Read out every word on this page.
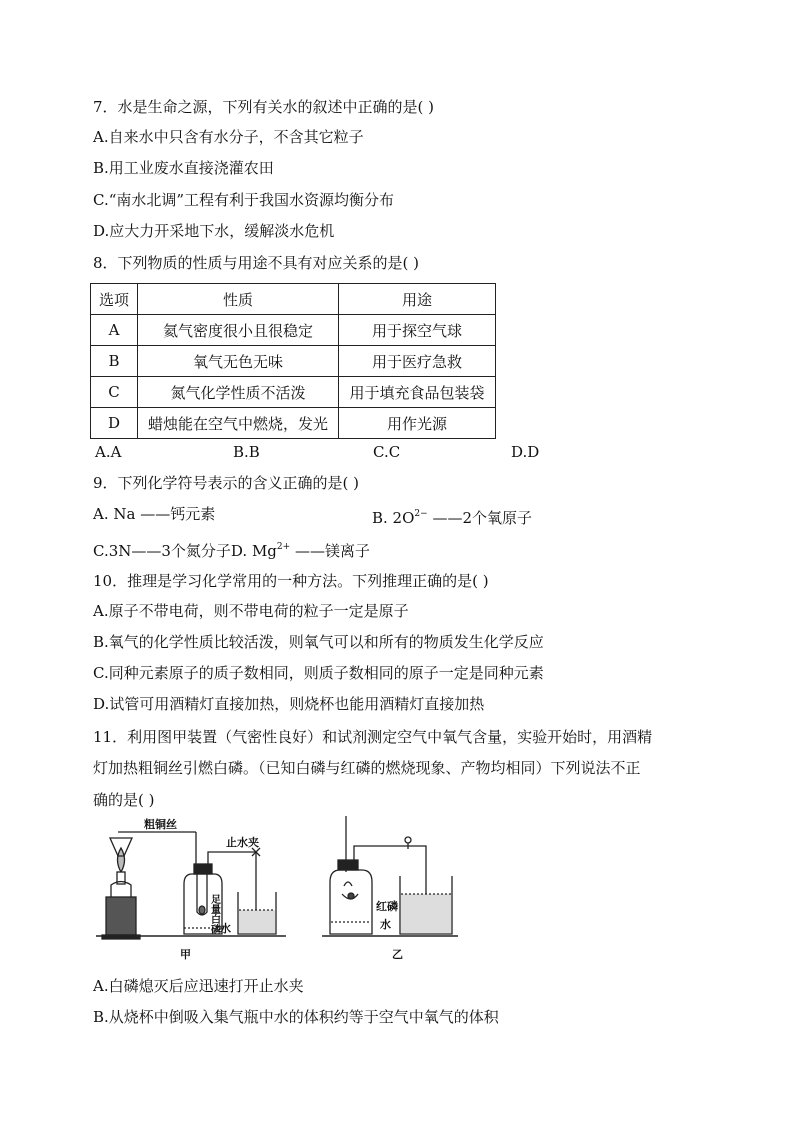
7．水是生命之源，下列有关水的叙述中正确的是( )
A.自来水中只含有水分子，不含其它粒子
B.用工业废水直接浇灌农田
C.“南水北调”工程有利于我国水资源均衡分布
D.应大力开采地下水，缓解淡水危机
8．下列物质的性质与用途不具有对应关系的是( )
选项	性质	用途
A	氦气密度很小且很稳定	用于探空气球
B	氧气无色无味	用于医疗急救
C	氮气化学性质不活泼	用于填充食品包装袋
D	蜡烛能在空气中燃烧，发光	用作光源
A.A	B.B	C.C	D.D
9．下列化学符号表示的含义正确的是( )
A. Na ——钙元素	B. $2O^{2-}$ ——2个氧原子
C.3N——3个氮分子D. $Mg^{2+}$ ——镁离子
10．推理是学习化学常用的一种方法。下列推理正确的是( )
A.原子不带电荷，则不带电荷的粒子一定是原子
B.氧气的化学性质比较活泼，则氧气可以和所有的物质发生化学反应
C.同种元素原子的质子数相同，则质子数相同的原子一定是同种元素
D.试管可用酒精灯直接加热，则烧杯也能用酒精灯直接加热
11．利用图甲装置（气密性良好）和试剂测定空气中氧气含量，实验开始时，用酒精
灯加热粗铜丝引燃白磷。（已知白磷与红磷的燃烧现象、产物均相同）下列说法不正
确的是( )
粗铜丝
止水夹
足量白磷 水
甲
红磷
水
乙
A.白磷熄灭后应迅速打开止水夹
B.从烧杯中倒吸入集气瓶中水的体积约等于空气中氧气的体积
